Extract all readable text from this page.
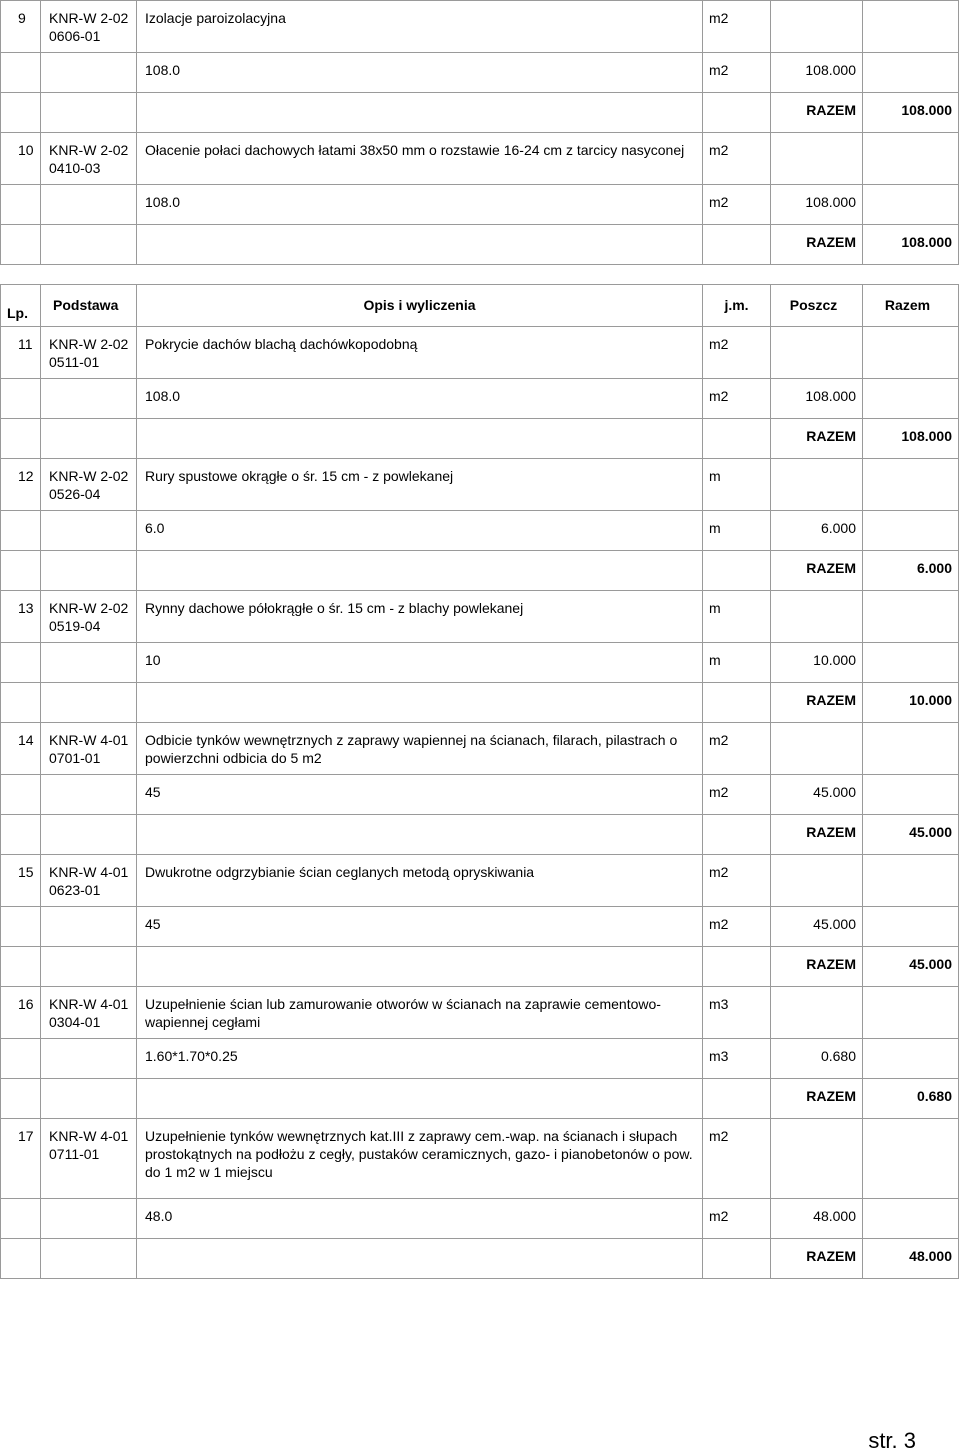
9	KNR-W 2-02 0606-01	Izolacje paroizolacyjna	m2		

		108.0	m2	108.000	

				RAZEM	108.000

10	KNR-W 2-02 0410-03	Ołacenie połaci dachowych łatami 38x50 mm o rozstawie 16-24 cm z tarcicy nasyconej	m2		

		108.0	m2	108.000	

				RAZEM	108.000

Lp.	Podstawa	Opis i wyliczenia	j.m.	Poszcz	Razem

11	KNR-W 2-02 0511-01	Pokrycie dachów blachą dachówkopodobną	m2		

		108.0	m2	108.000	

				RAZEM	108.000

12	KNR-W 2-02 0526-04	Rury spustowe okrągłe o śr. 15 cm - z powlekanej	m		

		6.0	m	6.000	

				RAZEM	6.000

13	KNR-W 2-02 0519-04	Rynny dachowe półokrągłe o śr. 15 cm - z blachy powlekanej	m		

		10	m	10.000	

				RAZEM	10.000

14	KNR-W 4-01 0701-01	Odbicie tynków wewnętrznych z zaprawy wapiennej na ścianach, filarach, pilastrach o powierzchni odbicia do 5 m2	m2		

		45	m2	45.000	

				RAZEM	45.000

15	KNR-W 4-01 0623-01	Dwukrotne odgrzybianie ścian ceglanych metodą opryskiwania	m2		

		45	m2	45.000	

				RAZEM	45.000

16	KNR-W 4-01 0304-01	Uzupełnienie ścian lub zamurowanie otworów w ścianach na zaprawie cementowo-wapiennej cegłami	m3		

		1.60*1.70*0.25	m3	0.680	

				RAZEM	0.680

17	KNR-W 4-01 0711-01	Uzupełnienie tynków wewnętrznych kat.III z zaprawy cem.-wap. na ścianach i słupach prostokątnych na podłożu z cegły, pustaków ceramicznych, gazo- i pianobetonów o pow. do 1 m2 w 1 miejscu	m2		

		48.0	m2	48.000	

				RAZEM	48.000
str. 3
